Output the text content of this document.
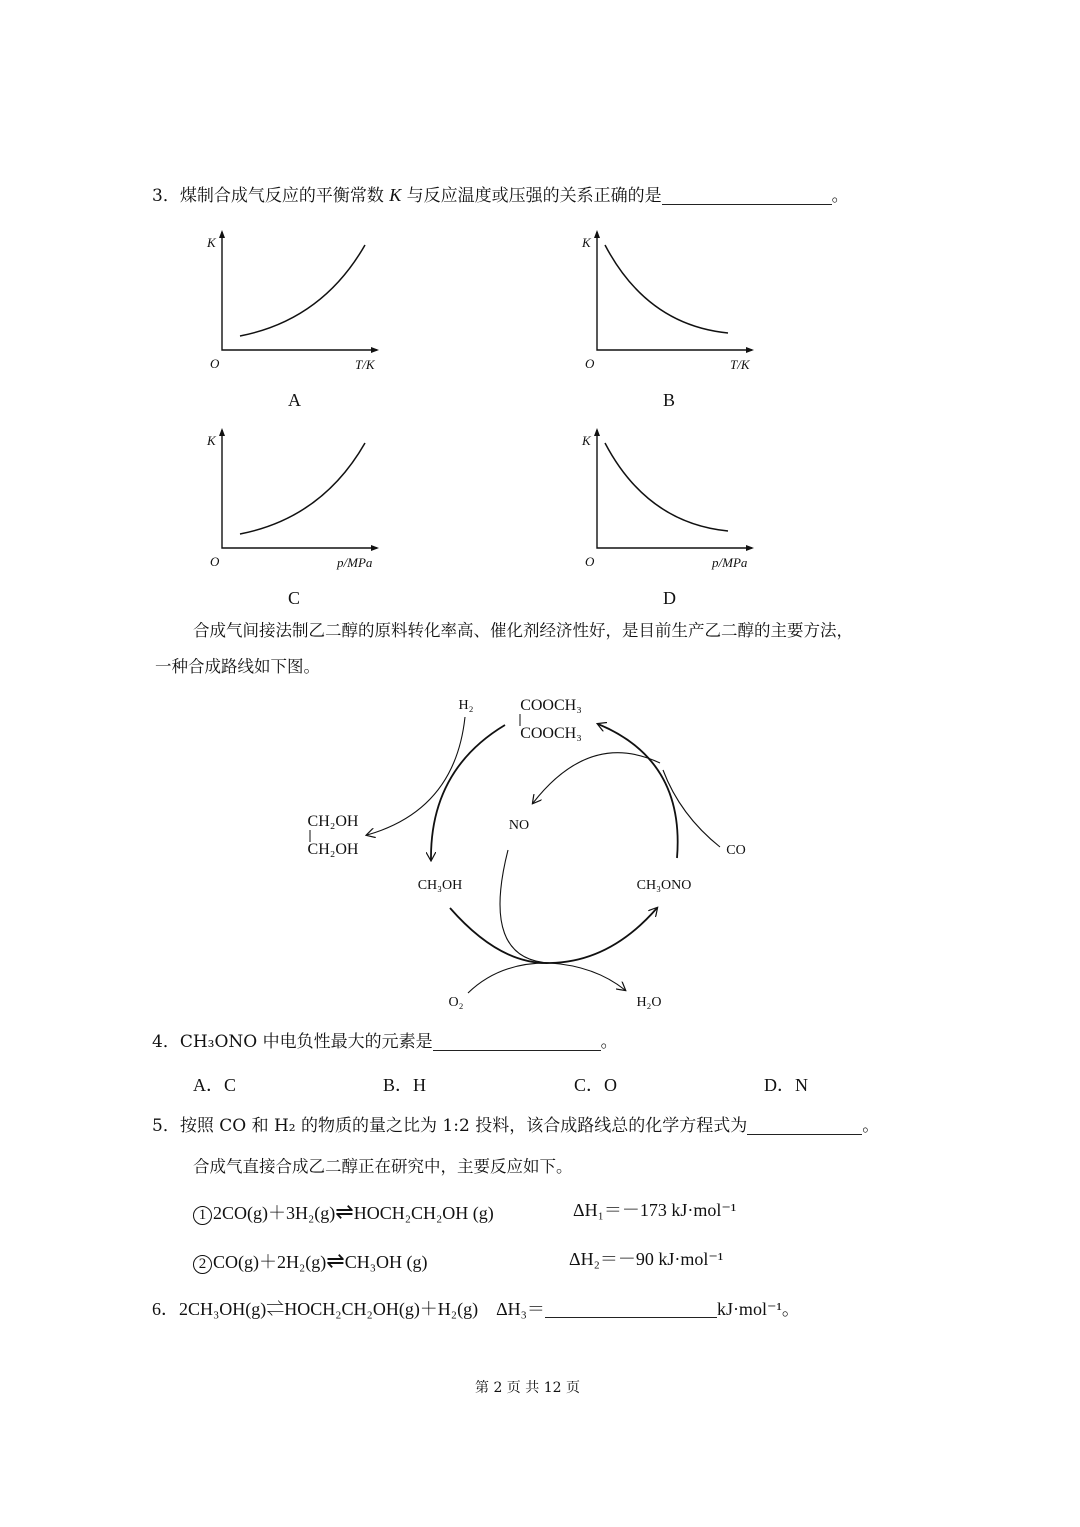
3．煤制合成气反应的平衡常数 K 与反应温度或压强的关系正确的是	。
K
O	T/K
A
K
O	T/K
B
K
O	p/MPa
C
K
O	p/MPa
D
合成气间接法制乙二醇的原料转化率高、催化剂经济性好，是目前生产乙二醇的主要方法，
一种合成路线如下图。
H₂	COOCH₃
COOCH₃
CH₂OH
CH₂OH
NO
CO
CH₃OH	CH₃ONO
O₂	H₂O
4．CH₃ONO 中电负性最大的元素是	。
A．C	B．H	C．O	D．N
5．按照 CO 和 H₂ 的物质的量之比为 1:2 投料，该合成路线总的化学方程式为	。
合成气直接合成乙二醇正在研究中，主要反应如下。
1 2CO(g)＋3H₂(g)⇌HOCH₂CH₂OH (g)	ΔH₁＝－173 kJ·mol⁻¹
2 CO(g)＋2H₂(g)⇌CH₃OH (g)	ΔH₂＝－90 kJ·mol⁻¹
6．2CH₃OH(g)⇌HOCH₂CH₂OH(g)＋H₂(g) ΔH₃＝	kJ·mol⁻¹。
第 2 页 共 12 页
